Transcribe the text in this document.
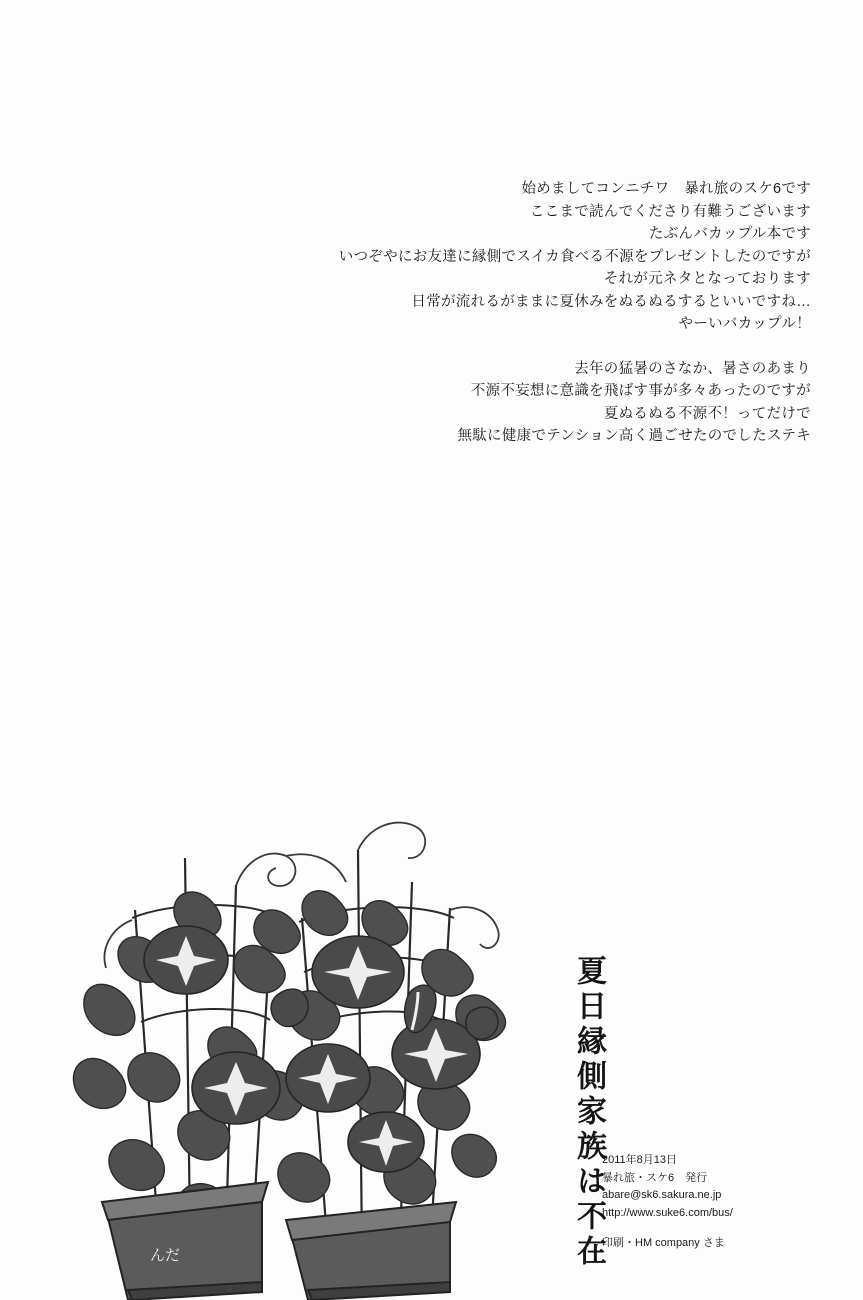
始めましてコンニチワ　暴れ旅のスケ6です

ここまで読んでくださり有難うございます

たぶんバカップル本です

いつぞやにお友達に縁側でスイカ食べる不源をプレゼントしたのですが

それが元ネタとなっております

日常が流れるがままに夏休みをぬるぬるするといいですね…

やーいバカップル！

去年の猛暑のさなか、暑さのあまり

不源不妄想に意識を飛ばす事が多々あったのですが

夏ぬるぬる不源不！ってだけで

無駄に健康でテンション高く過ごせたのでしたステキ

夏日縁側家族は不在
2011年8月13日
暴れ旅・スケ6　発行
abare@sk6.sakura.ne.jp
http://www.suke6.com/bus/
印刷・HM company さま
んだ
